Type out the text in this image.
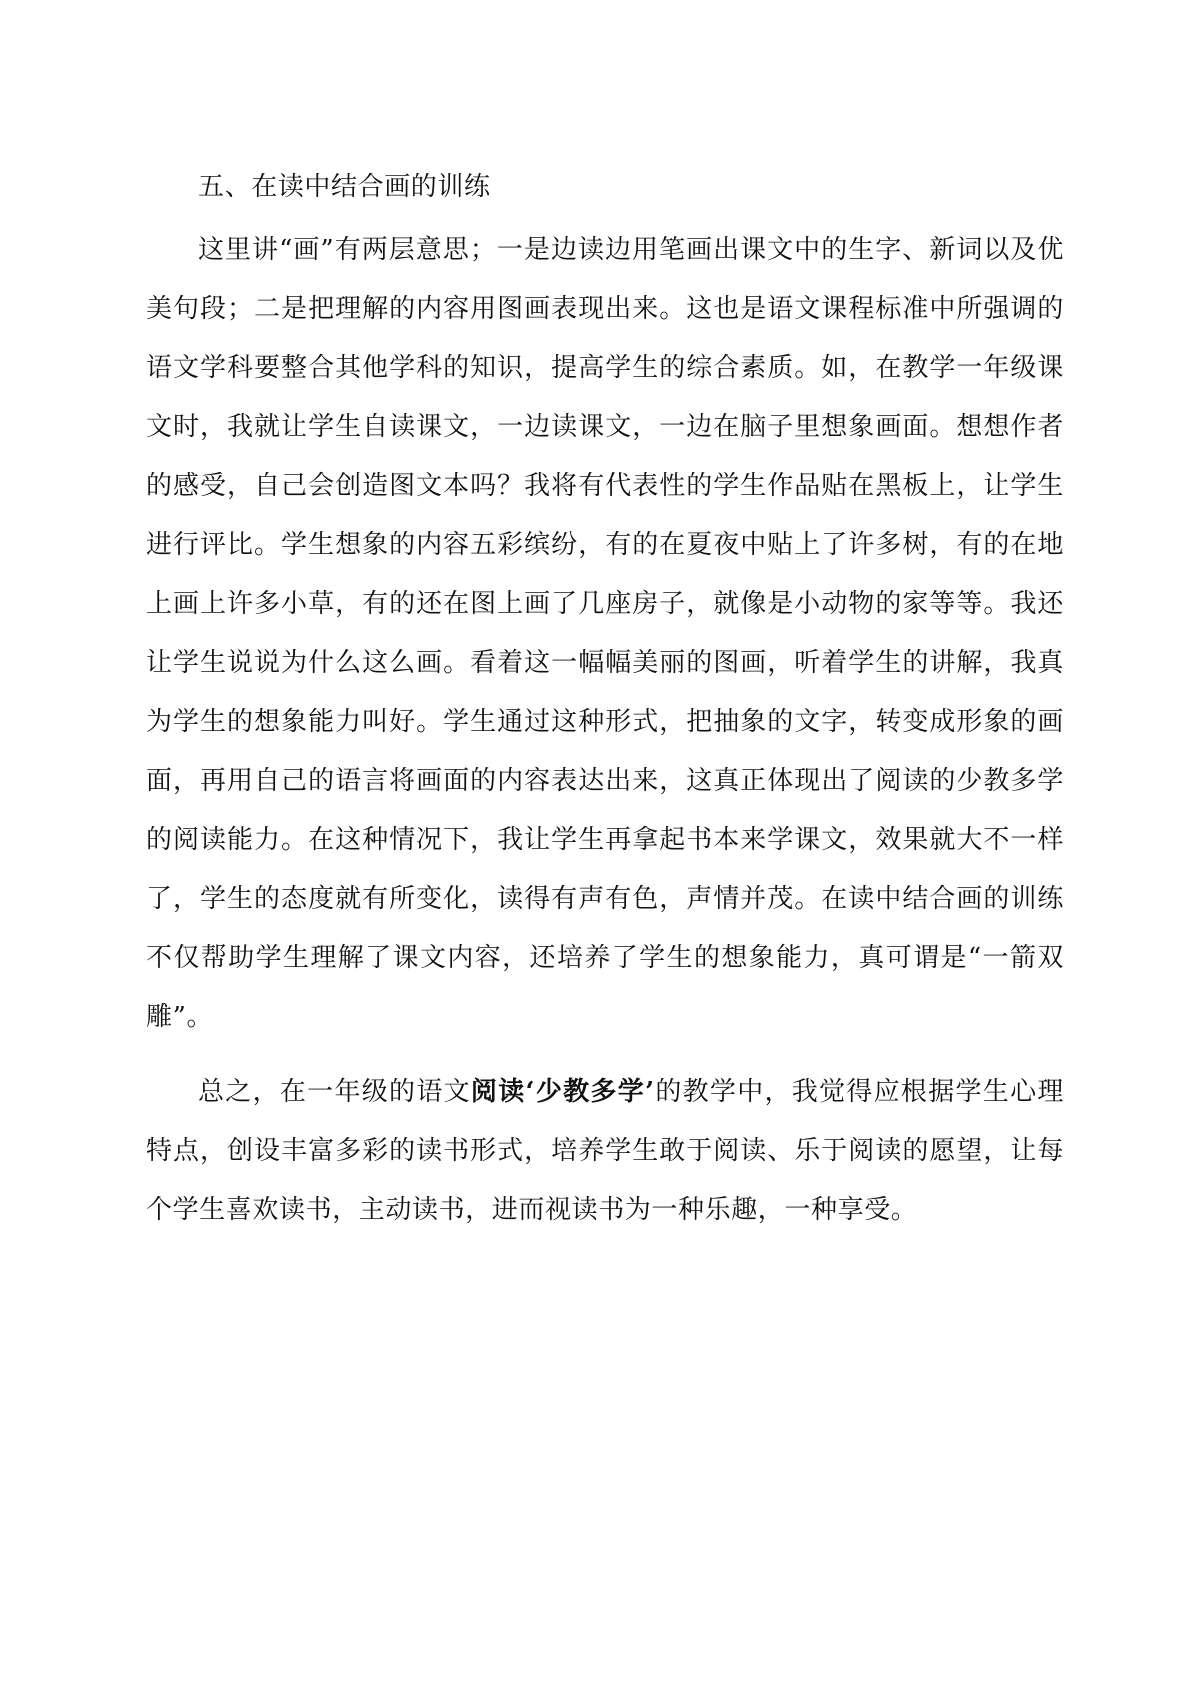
五、在读中结合画的训练

这里讲“画”有两层意思；一是边读边用笔画出课文中的生字、新词以及优美句段；二是把理解的内容用图画表现出来。这也是语文课程标准中所强调的语文学科要整合其他学科的知识，提高学生的综合素质。如，在教学一年级课文时，我就让学生自读课文，一边读课文，一边在脑子里想象画面。想想作者的感受，自己会创造图文本吗？我将有代表性的学生作品贴在黑板上，让学生进行评比。学生想象的内容五彩缤纷，有的在夏夜中贴上了许多树，有的在地上画上许多小草，有的还在图上画了几座房子，就像是小动物的家等等。我还让学生说说为什么这么画。看着这一幅幅美丽的图画，听着学生的讲解，我真为学生的想象能力叫好。学生通过这种形式，把抽象的文字，转变成形象的画面，再用自己的语言将画面的内容表达出来，这真正体现出了阅读的少教多学的阅读能力。在这种情况下，我让学生再拿起书本来学课文，效果就大不一样了，学生的态度就有所变化，读得有声有色，声情并茂。在读中结合画的训练不仅帮助学生理解了课文内容，还培养了学生的想象能力，真可谓是“一箭双雕”。

总之，在一年级的语文阅读‘少教多学’的教学中，我觉得应根据学生心理特点，创设丰富多彩的读书形式，培养学生敢于阅读、乐于阅读的愿望，让每个学生喜欢读书，主动读书，进而视读书为一种乐趣，一种享受。
